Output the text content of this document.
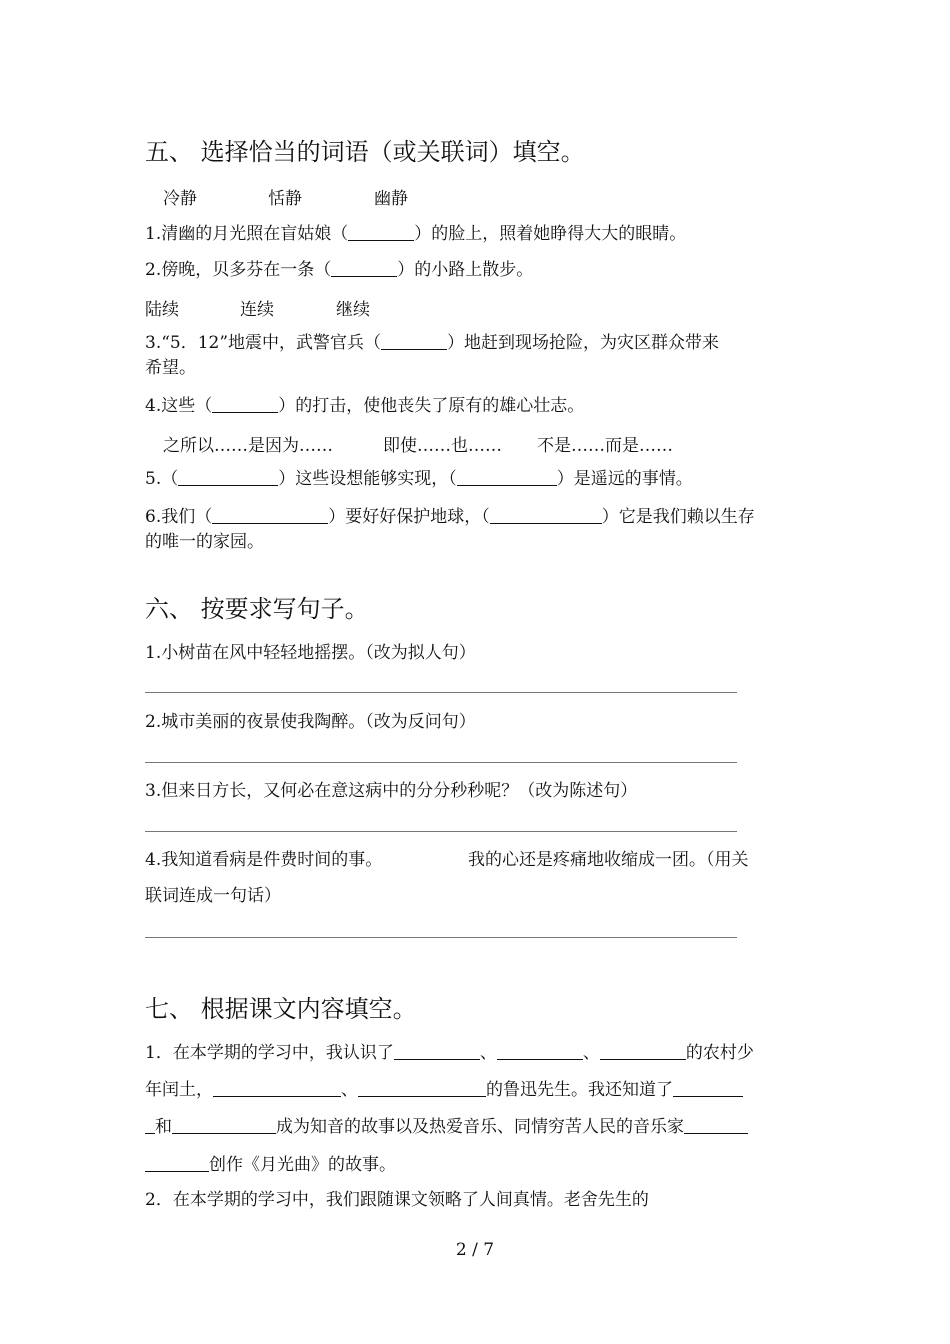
五、 选择恰当的词语（或关联词）填空。
冷静	恬静	幽静
1.清幽的月光照在盲姑娘（	）的脸上，照着她睁得大大的眼睛。
2.傍晚，贝多芬在一条（	）的小路上散步。
陆续	连续	继续
3.“5．12”地震中，武警官兵（	）地赶到现场抢险，为灾区群众带来
希望。
4.这些（	）的打击，使他丧失了原有的雄心壮志。
之所以……是因为……	即使……也…… 不是……而是……
5.（	）这些设想能够实现，（	）是遥远的事情。
6.我们（	）要好好保护地球，（	）它是我们赖以生存
的唯一的家园。
六、 按要求写句子。
1.小树苗在风中轻轻地摇摆。（改为拟人句）
2.城市美丽的夜景使我陶醉。（改为反问句）
3.但来日方长，又何必在意这病中的分分秒秒呢？（改为陈述句）
4.我知道看病是件费时间的事。	我的心还是疼痛地收缩成一团。（用关
联词连成一句话）
七、 根据课文内容填空。
1．在本学期的学习中，我认识了	、	、	的农村少
年闰土，	、	的鲁迅先生。我还知道了
和	成为知音的故事以及热爱音乐、同情穷苦人民的音乐家
创作《月光曲》的故事。
2．在本学期的学习中，我们跟随课文领略了人间真情。老舍先生的
2 / 7
